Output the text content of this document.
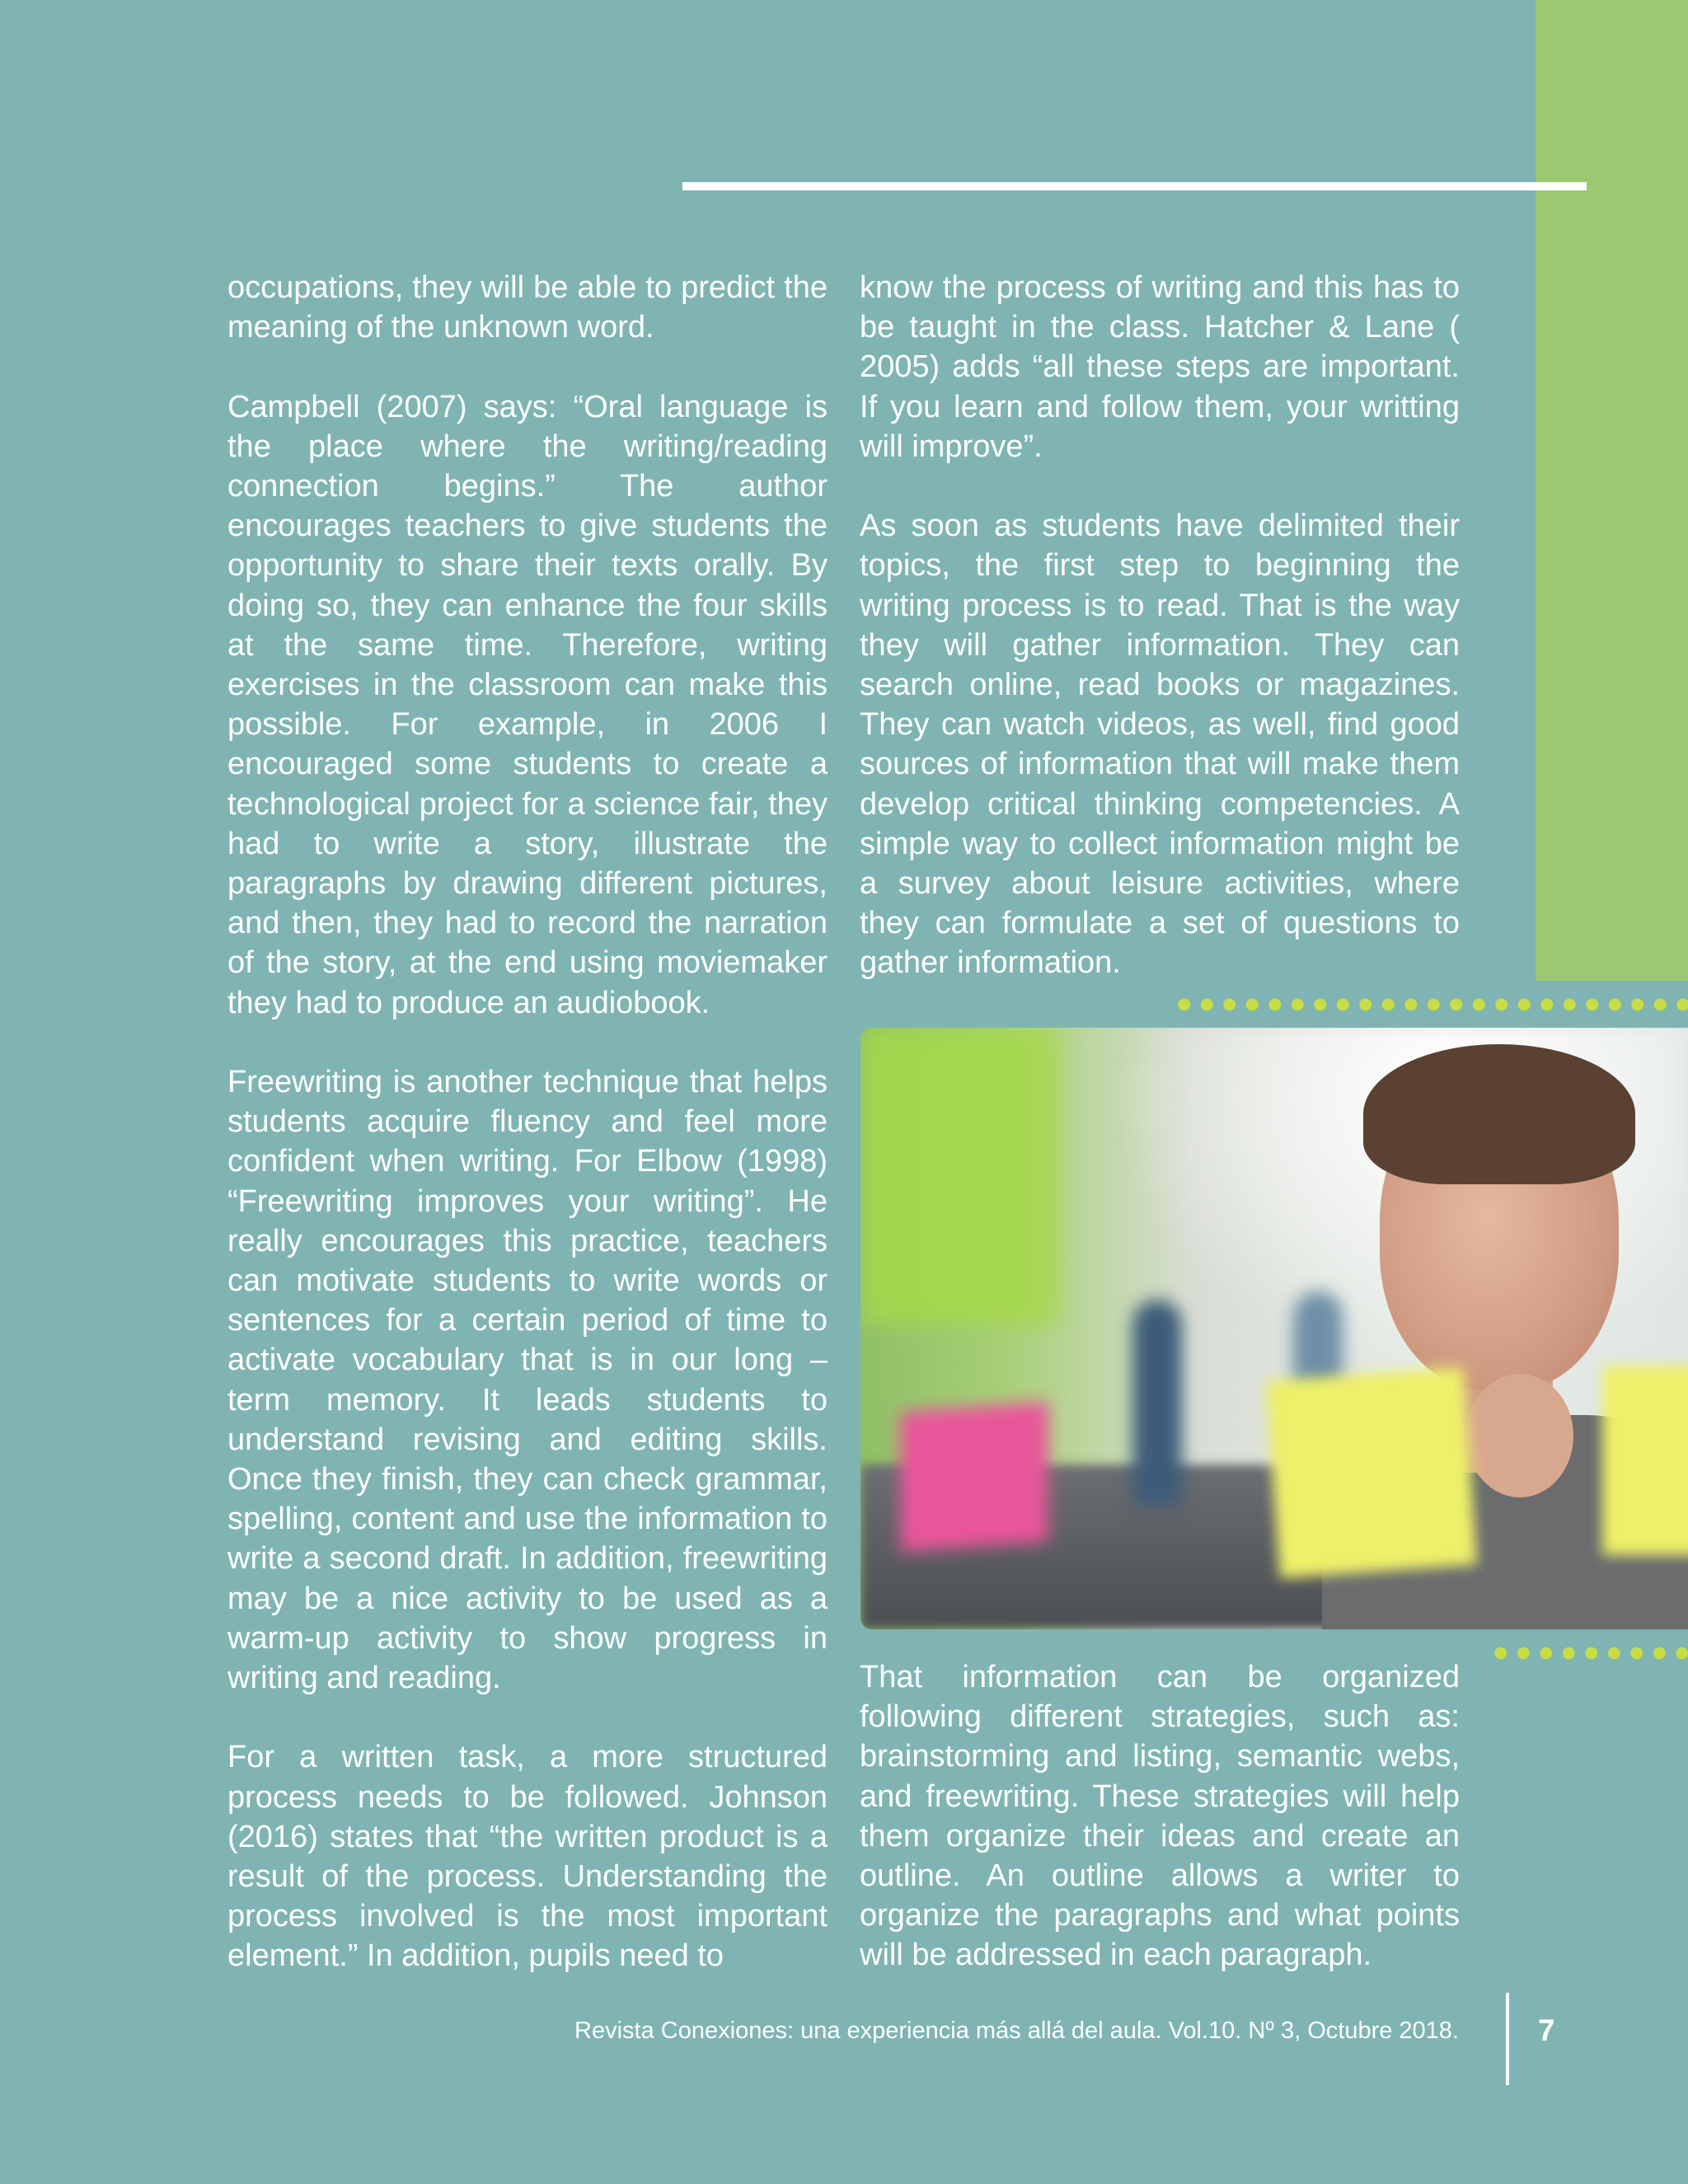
occupations, they will be able to predict the meaning of the unknown word.

Campbell (2007) says: “Oral language is the place where the writing/reading connection begins.” The author encourages teachers to give students the opportunity to share their texts orally. By doing so, they can enhance the four skills at the same time. Therefore, writing exercises in the classroom can make this possible. For example, in 2006 I encouraged some students to create a technological project for a science fair, they had to write a story, illustrate the paragraphs by drawing different pictures, and then, they had to record the narration of the story, at the end using moviemaker they had to produce an audiobook.

Freewriting is another technique that helps students acquire fluency and feel more confident when writing. For Elbow (1998) “Freewriting improves your writing”. He really encourages this practice, teachers can motivate students to write words or sentences for a certain period of time to activate vocabulary that is in our long – term memory. It leads students to understand revising and editing skills. Once they finish, they can check grammar, spelling, content and use the information to write a second draft. In addition, freewriting may be a nice activity to be used as a warm-up activity to show progress in writing and reading.

For a written task, a more structured process needs to be followed. Johnson (2016) states that “the written product is a result of the process. Understanding the process involved is the most important element.” In addition, pupils need to

know the process of writing and this has to be taught in the class. Hatcher & Lane ( 2005) adds “all these steps are important. If you learn and follow them, your writting will improve”.

As soon as students have delimited their topics, the first step to beginning the writing process is to read. That is the way they will gather information. They can search online, read books or magazines. They can watch videos, as well, find good sources of information that will make them develop critical thinking competencies. A simple way to collect information might be a survey about leisure activities, where they can formulate a set of questions to gather information.

That information can be organized following different strategies, such as: brainstorming and listing, semantic webs, and freewriting. These strategies will help them organize their ideas and create an outline. An outline allows a writer to organize the paragraphs and what points will be addressed in each paragraph.

Revista Conexiones: una experiencia más allá del aula. Vol.10. Nº 3, Octubre 2018.	7
